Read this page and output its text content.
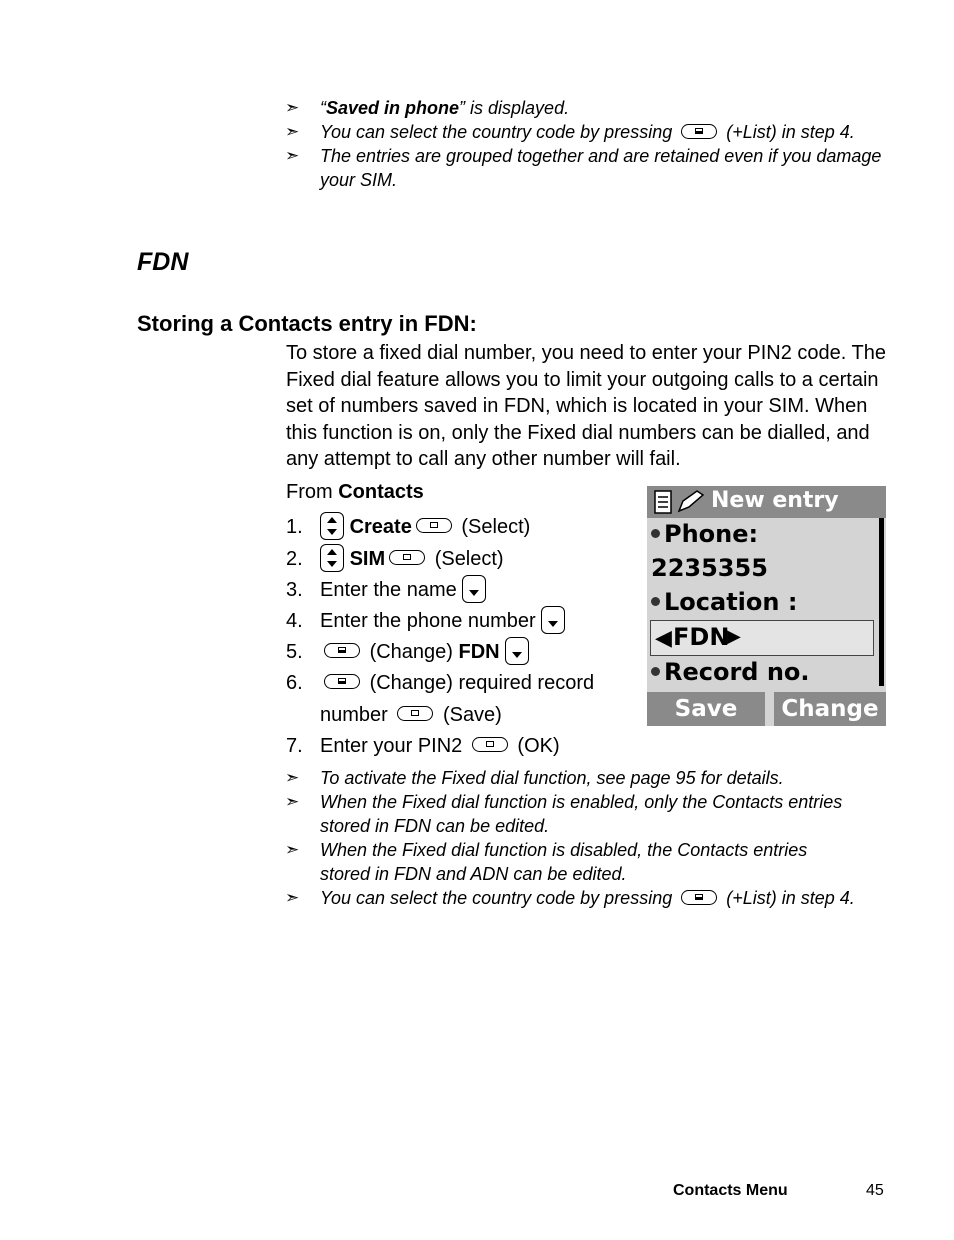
➣ “Saved in phone” is displayed.
➣ You can select the country code by pressing	(+List) in step 4.
➣ The entries are grouped together and are retained even if you damage your SIM.
FDN
Storing a Contacts entry in FDN:

To store a fixed dial number, you need to enter your PIN2 code. The Fixed dial feature allows you to limit your outgoing calls to a certain set of numbers saved in FDN, which is located in your SIM. When this function is on, only the Fixed dial numbers can be dialled, and any attempt to call any other number will fail.

From Contacts
1. Create (Select)
2. SIM (Select)
3. Enter the name
4. Enter the phone number
5.	(Change) FDN
6.	(Change) required record
number	(Save)
7. Enter your PIN2	(OK)
New entry
Phone:
2235355
Location :
◀ FDN
▶
Record no.
Save	Change
➣ To activate the Fixed dial function, see page 95 for details.
➣ When the Fixed dial function is enabled, only the Contacts entries stored in FDN can be edited.
➣ When the Fixed dial function is disabled, the Contacts entries stored in FDN and ADN can be edited.
➣ You can select the country code by pressing	(+List) in step 4.
Contacts Menu	45
